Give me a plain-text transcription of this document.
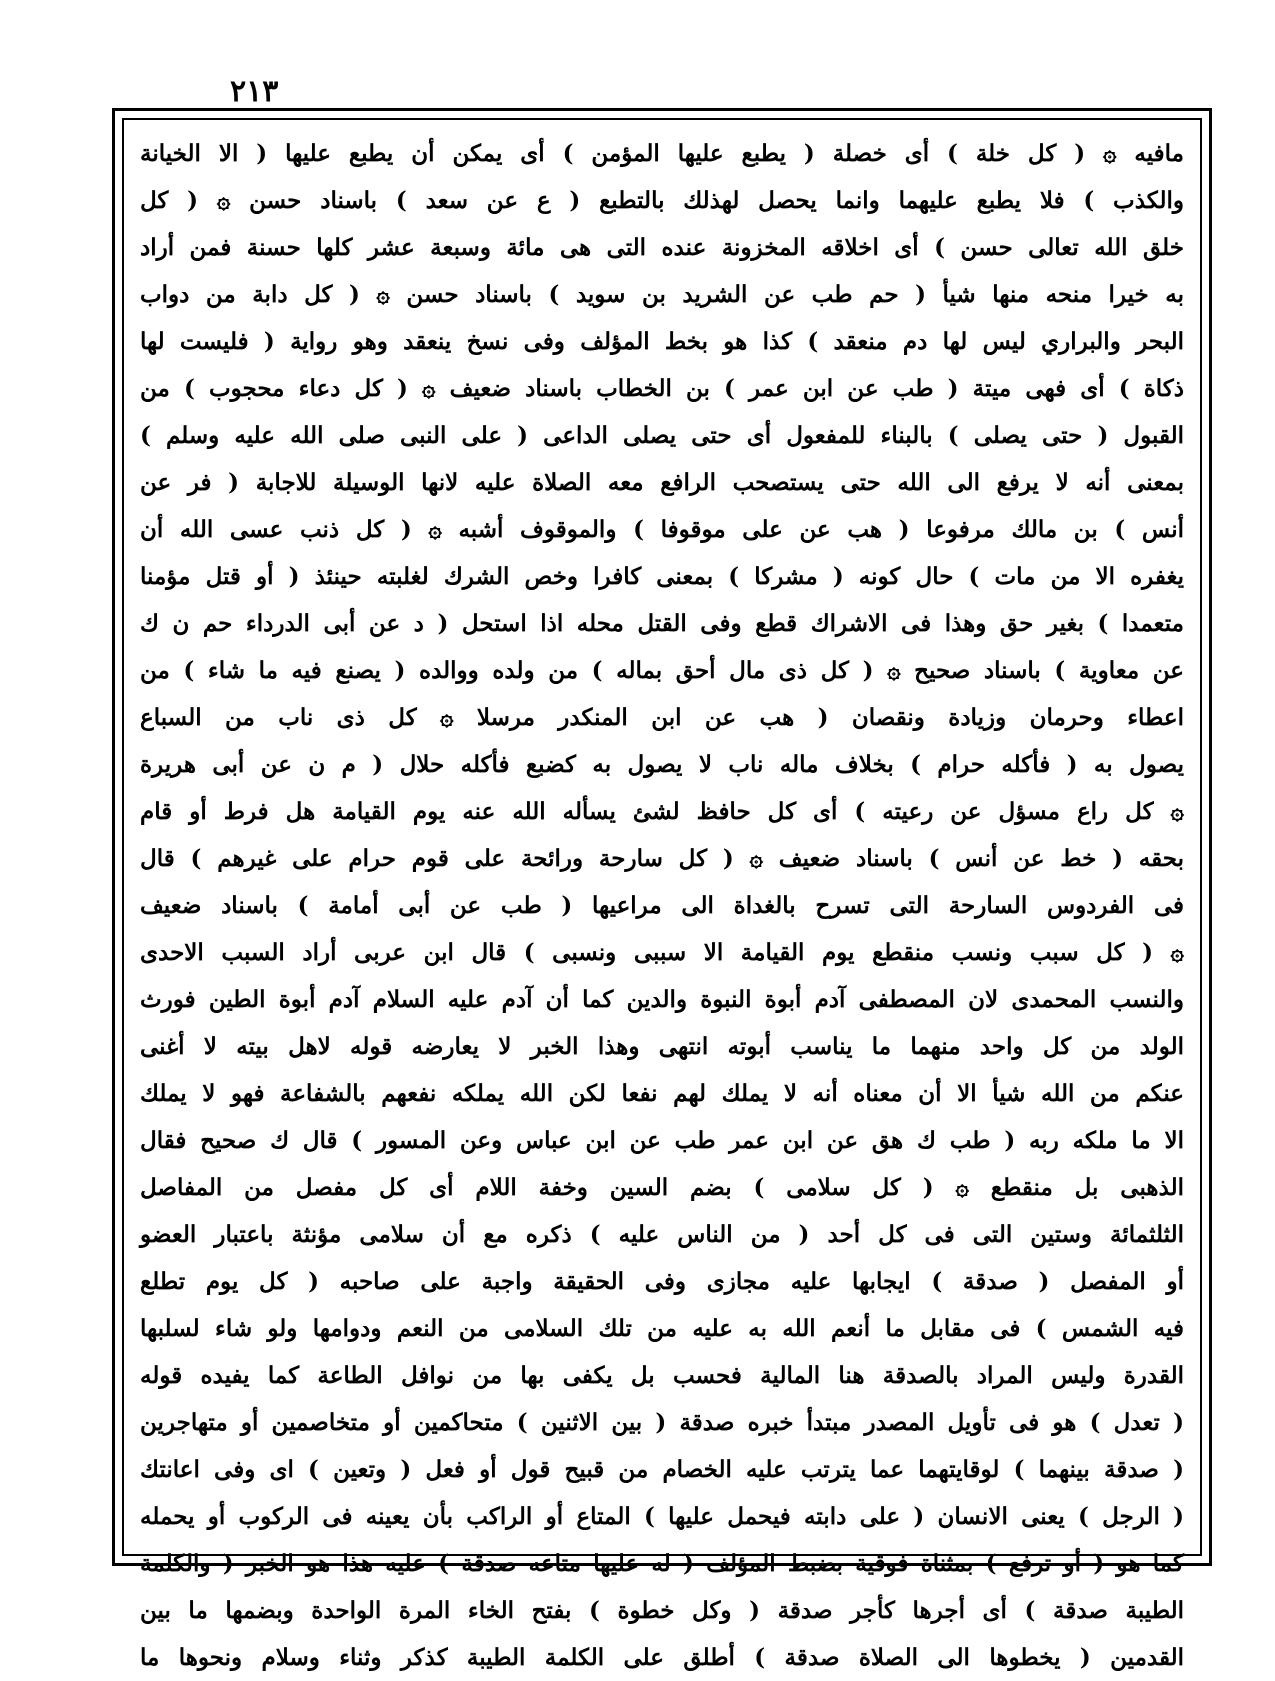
٢١٣
مافيه ۞ ( كل خلة ) أى خصلة ( يطبع عليها المؤمن ) أى يمكن أن يطبع عليها ( الا الخيانة
والكذب ) فلا يطبع عليهما وانما يحصل لهذلك بالتطبع ( ع عن سعد ) باسناد حسن ۞ ( كل
خلق الله تعالى حسن ) أى اخلاقه المخزونة عنده التى هى مائة وسبعة عشر كلها حسنة فمن أراد
به خيرا منحه منها شيأ ( حم طب عن الشريد بن سويد ) باسناد حسن ۞ ( كل دابة من دواب
البحر والبراري ليس لها دم منعقد ) كذا هو بخط المؤلف وفى نسخ ينعقد وهو رواية ( فليست لها
ذكاة ) أى فهى ميتة ( طب عن ابن عمر ) بن الخطاب باسناد ضعيف ۞ ( كل دعاء محجوب ) من
القبول ( حتى يصلى ) بالبناء للمفعول أى حتى يصلى الداعى ( على النبى صلى الله عليه وسلم )
بمعنى أنه لا يرفع الى الله حتى يستصحب الرافع معه الصلاة عليه لانها الوسيلة للاجابة ( فر عن
أنس ) بن مالك مرفوعا ( هب عن على موقوفا ) والموقوف أشبه ۞ ( كل ذنب عسى الله أن
يغفره الا من مات ) حال كونه ( مشركا ) بمعنى كافرا وخص الشرك لغلبته حينئذ ( أو قتل مؤمنا
متعمدا ) بغير حق وهذا فى الاشراك قطع وفى القتل محله اذا استحل ( د عن أبى الدرداء حم ن ك
عن معاوية ) باسناد صحيح ۞ ( كل ذى مال أحق بماله ) من ولده ووالده ( يصنع فيه ما شاء ) من
اعطاء وحرمان وزيادة ونقصان ( هب عن ابن المنكدر مرسلا ۞ كل ذى ناب من السباع
يصول به ( فأكله حرام ) بخلاف ماله ناب لا يصول به كضبع فأكله حلال ( م ن عن أبى هريرة
۞ كل راع مسؤل عن رعيته ) أى كل حافظ لشئ يسأله الله عنه يوم القيامة هل فرط أو قام
بحقه ( خط عن أنس ) باسناد ضعيف ۞ ( كل سارحة ورائحة على قوم حرام على غيرهم ) قال
فى الفردوس السارحة التى تسرح بالغداة الى مراعيها ( طب عن أبى أمامة ) باسناد ضعيف
۞ ( كل سبب ونسب منقطع يوم القيامة الا سببى ونسبى ) قال ابن عربى أراد السبب الاحدى
والنسب المحمدى لان المصطفى آدم أبوة النبوة والدين كما أن آدم عليه السلام آدم أبوة الطين فورث
الولد من كل واحد منهما ما يناسب أبوته انتهى وهذا الخبر لا يعارضه قوله لاهل بيته لا أغنى
عنكم من الله شيأ الا أن معناه أنه لا يملك لهم نفعا لكن الله يملكه نفعهم بالشفاعة فهو لا يملك
الا ما ملكه ربه ( طب ك هق عن ابن عمر طب عن ابن عباس وعن المسور ) قال ك صحيح فقال
الذهبى بل منقطع ۞ ( كل سلامى ) بضم السين وخفة اللام أى كل مفصل من المفاصل
الثلثمائة وستين التى فى كل أحد ( من الناس عليه ) ذكره مع أن سلامى مؤنثة باعتبار العضو
أو المفصل ( صدقة ) ايجابها عليه مجازى وفى الحقيقة واجبة على صاحبه ( كل يوم تطلع
فيه الشمس ) فى مقابل ما أنعم الله به عليه من تلك السلامى من النعم ودوامها ولو شاء لسلبها
القدرة وليس المراد بالصدقة هنا المالية فحسب بل يكفى بها من نوافل الطاعة كما يفيده قوله
( تعدل ) هو فى تأويل المصدر مبتدأ خبره صدقة ( بين الاثنين ) متحاكمين أو متخاصمين أو متهاجرين
( صدقة بينهما ) لوقايتهما عما يترتب عليه الخصام من قبيح قول أو فعل ( وتعين ) اى وفى اعانتك
( الرجل ) يعنى الانسان ( على دابته فيحمل عليها ) المتاع أو الراكب بأن يعينه فى الركوب أو يحمله
كما هو ( أو ترفع ) بمثناة فوقية بضبط المؤلف ( له عليها متاعه صدقة ) عليه هذا هو الخبر ( والكلمة
الطيبة صدقة ) أى أجرها كأجر صدقة ( وكل خطوة ) بفتح الخاء المرة الواحدة وبضمها ما بين
القدمين ( يخطوها الى الصلاة صدقة ) أطلق على الكلمة الطيبة كذكر وثناء وسلام ونحوها ما
